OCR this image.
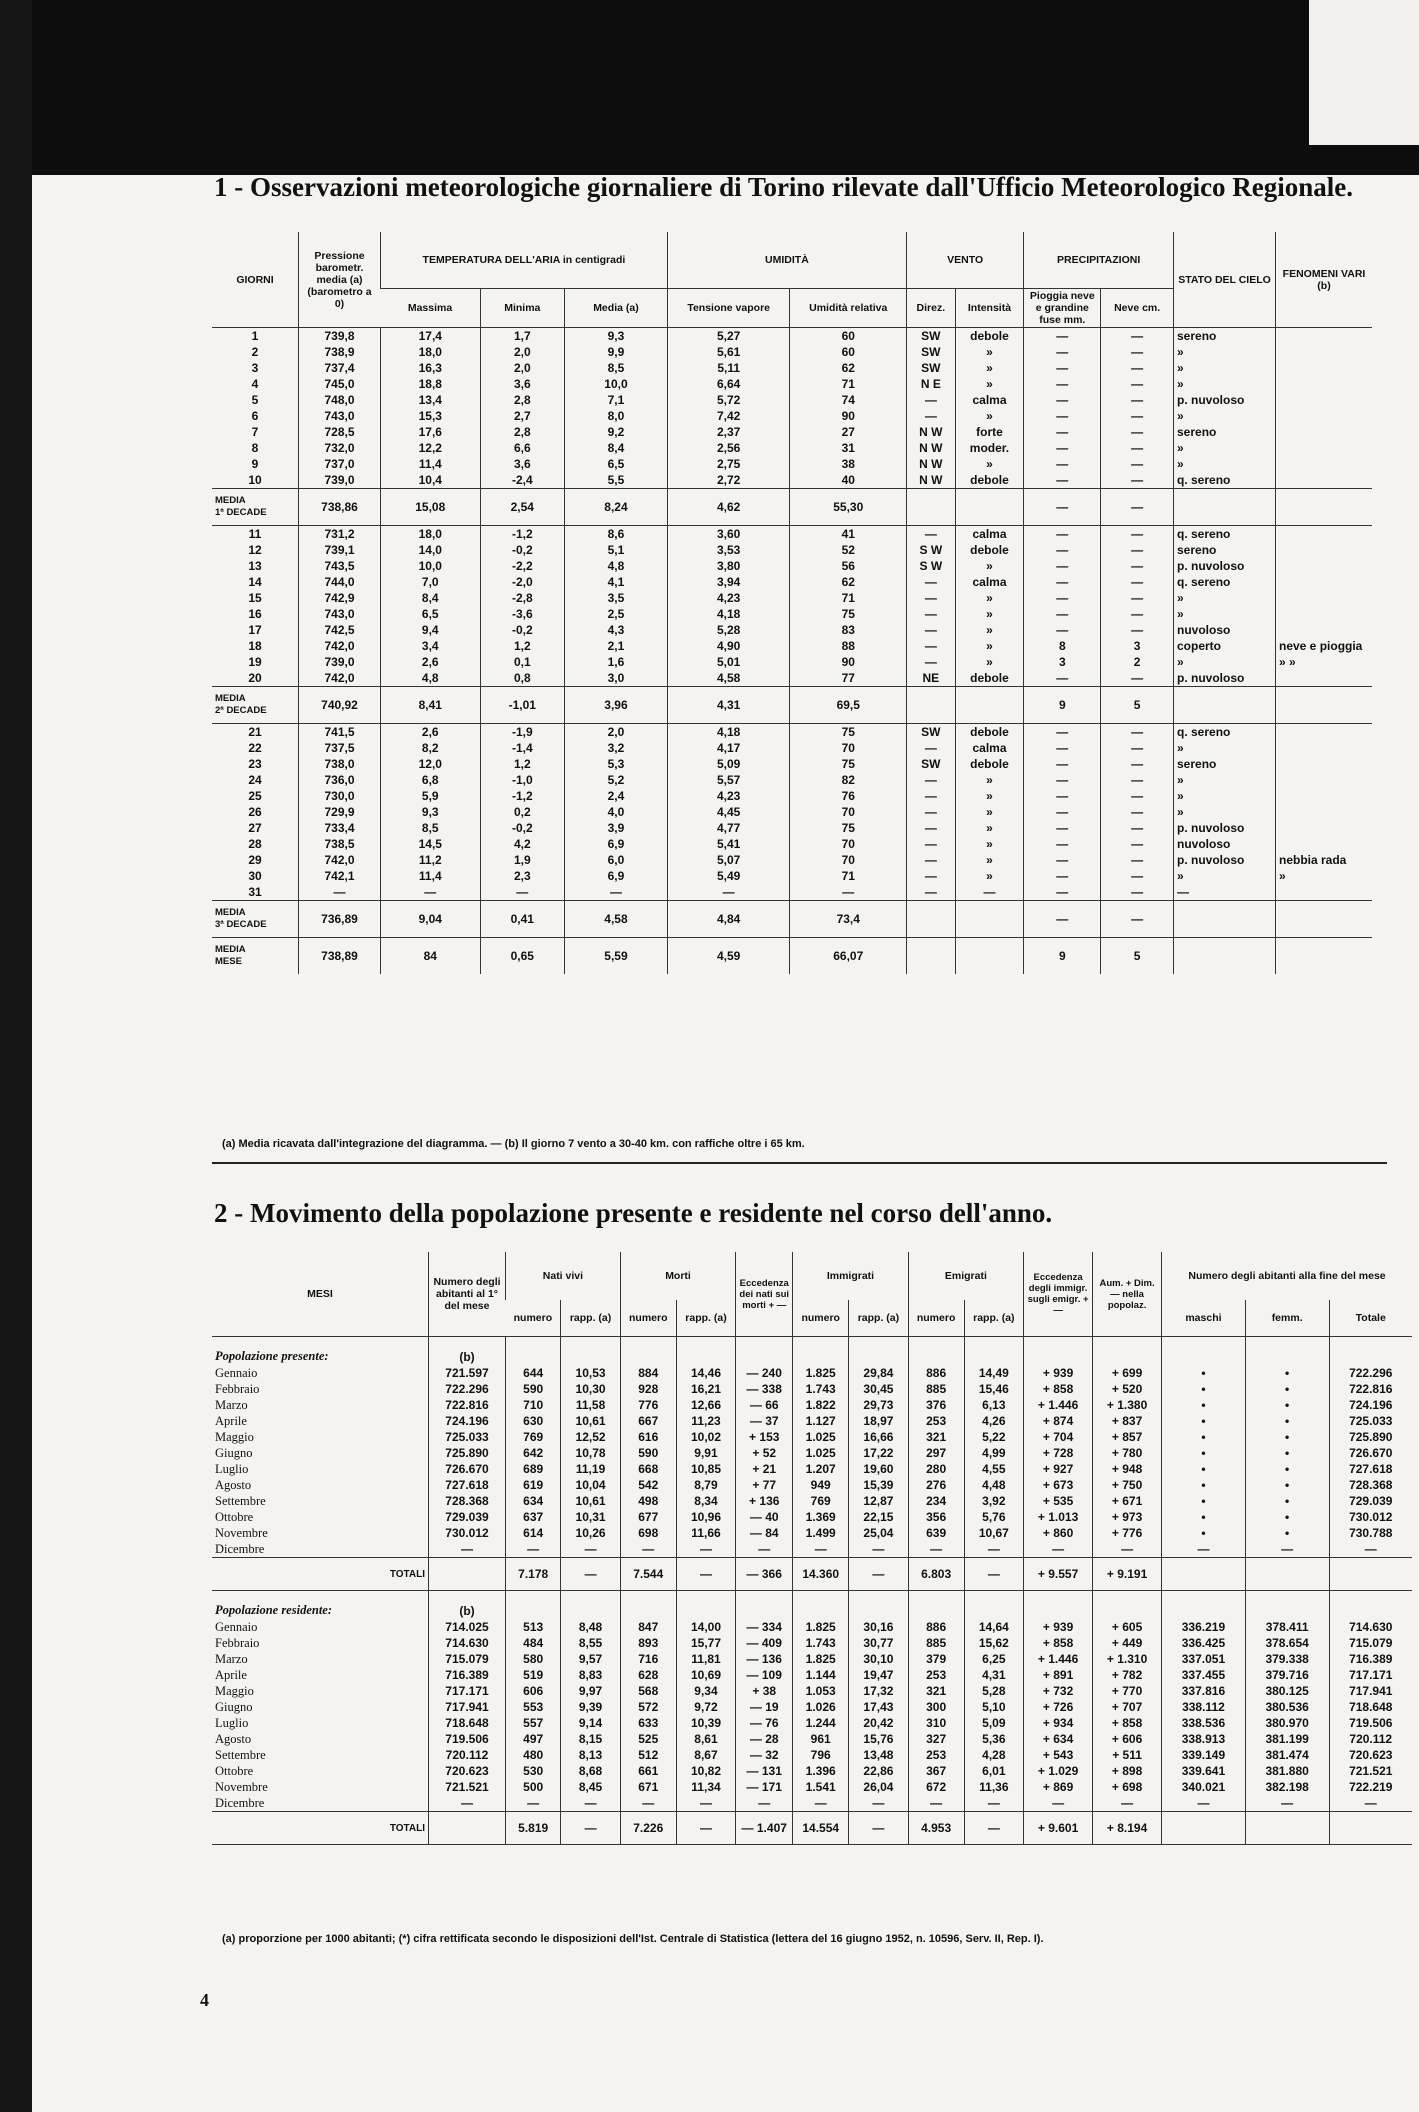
1 - Osservazioni meteorologiche giornaliere di Torino rilevate dall'Ufficio Meteorologico Regionale.
GIORNI	Pressione barometr. media (a) (barometro a 0)	TEMPERATURA DELL'ARIA in centigradi			UMIDITÀ		VENTO		PRECIPITAZIONI		STATO DEL CIELO	FENOMENI VARI (b)
		Massima	Minima	Media (a)	Tensione vapore	Umidità relativa	Direz.	Intensità	Pioggia neve e grandine fuse mm.	Neve cm.		
1	739,8	17,4	1,7	9,3	5,27	60	SW	debole	—	—	sereno	
2	738,9	18,0	2,0	9,9	5,61	60	SW	»	—	—	»	
3	737,4	16,3	2,0	8,5	5,11	62	SW	»	—	—	»	
4	745,0	18,8	3,6	10,0	6,64	71	N E	»	—	—	»	
5	748,0	13,4	2,8	7,1	5,72	74	—	calma	—	—	p. nuvoloso	
6	743,0	15,3	2,7	8,0	7,42	90	—	»	—	—	»	
7	728,5	17,6	2,8	9,2	2,37	27	N W	forte	—	—	sereno	
8	732,0	12,2	6,6	8,4	2,56	31	N W	moder.	—	—	»	
9	737,0	11,4	3,6	6,5	2,75	38	N W	»	—	—	»	
10	739,0	10,4	-2,4	5,5	2,72	40	N W	debole	—	—	q. sereno	

MEDIA
1ª DECADE	738,86	15,08	2,54	8,24	4,62	55,30			—	—		
11	731,2	18,0	-1,2	8,6	3,60	41	—	calma	—	—	q. sereno	
12	739,1	14,0	-0,2	5,1	3,53	52	S W	debole	—	—	sereno	
13	743,5	10,0	-2,2	4,8	3,80	56	S W	»	—	—	p. nuvoloso	
14	744,0	7,0	-2,0	4,1	3,94	62	—	calma	—	—	q. sereno	
15	742,9	8,4	-2,8	3,5	4,23	71	—	»	—	—	»	
16	743,0	6,5	-3,6	2,5	4,18	75	—	»	—	—	»	
17	742,5	9,4	-0,2	4,3	5,28	83	—	»	—	—	nuvoloso	
18	742,0	3,4	1,2	2,1	4,90	88	—	»	8	3	coperto	neve e pioggia
19	739,0	2,6	0,1	1,6	5,01	90	—	»	3	2	»	» »
20	742,0	4,8	0,8	3,0	4,58	77	NE	debole	—	—	p. nuvoloso	

MEDIA
2ª DECADE	740,92	8,41	-1,01	3,96	4,31	69,5			9	5		
21	741,5	2,6	-1,9	2,0	4,18	75	SW	debole	—	—	q. sereno	
22	737,5	8,2	-1,4	3,2	4,17	70	—	calma	—	—	»	
23	738,0	12,0	1,2	5,3	5,09	75	SW	debole	—	—	sereno	
24	736,0	6,8	-1,0	5,2	5,57	82	—	»	—	—	»	
25	730,0	5,9	-1,2	2,4	4,23	76	—	»	—	—	»	
26	729,9	9,3	0,2	4,0	4,45	70	—	»	—	—	»	
27	733,4	8,5	-0,2	3,9	4,77	75	—	»	—	—	p. nuvoloso	
28	738,5	14,5	4,2	6,9	5,41	70	—	»	—	—	nuvoloso	
29	742,0	11,2	1,9	6,0	5,07	70	—	»	—	—	p. nuvoloso	nebbia rada
30	742,1	11,4	2,3	6,9	5,49	71	—	»	—	—	»	»
31	—	—	—	—	—	—	—	—	—	—	—	

MEDIA
3ª DECADE	736,89	9,04	0,41	4,58	4,84	73,4			—	—		

MEDIA
MESE	738,89	84	0,65	5,59	4,59	66,07			9	5		
(a) Media ricavata dall'integrazione del diagramma. — (b) Il giorno 7 vento a 30-40 km. con raffiche oltre i 65 km.
2 - Movimento della popolazione presente e residente nel corso dell'anno.
MESI	Numero degli abitanti al 1° del mese	Nati vivi		Morti		Eccedenza dei nati sui morti + —	Immigrati		Emigrati		Eccedenza degli immigr. sugli emigr. + —	Aum. + Dim. — nella popolaz.	Numero degli abitanti alla fine del mese		
		numero	rapp. (a)	numero	rapp. (a)		numero	rapp. (a)	numero	rapp. (a)			maschi	femm.	Totale
Popolazione presente:	(b)														
Gennaio	721.597	644	10,53	884	14,46	— 240	1.825	29,84	886	14,49	+ 939	+ 699	•	•	722.296
Febbraio	722.296	590	10,30	928	16,21	— 338	1.743	30,45	885	15,46	+ 858	+ 520	•	•	722.816
Marzo	722.816	710	11,58	776	12,66	— 66	1.822	29,73	376	6,13	+ 1.446	+ 1.380	•	•	724.196
Aprile	724.196	630	10,61	667	11,23	— 37	1.127	18,97	253	4,26	+ 874	+ 837	•	•	725.033
Maggio	725.033	769	12,52	616	10,02	+ 153	1.025	16,66	321	5,22	+ 704	+ 857	•	•	725.890
Giugno	725.890	642	10,78	590	9,91	+ 52	1.025	17,22	297	4,99	+ 728	+ 780	•	•	726.670
Luglio	726.670	689	11,19	668	10,85	+ 21	1.207	19,60	280	4,55	+ 927	+ 948	•	•	727.618
Agosto	727.618	619	10,04	542	8,79	+ 77	949	15,39	276	4,48	+ 673	+ 750	•	•	728.368
Settembre	728.368	634	10,61	498	8,34	+ 136	769	12,87	234	3,92	+ 535	+ 671	•	•	729.039
Ottobre	729.039	637	10,31	677	10,96	— 40	1.369	22,15	356	5,76	+ 1.013	+ 973	•	•	730.012
Novembre	730.012	614	10,26	698	11,66	— 84	1.499	25,04	639	10,67	+ 860	+ 776	•	•	730.788
Dicembre	—	—	—	—	—	—	—	—	—	—	—	—	—	—	—
TOTALI		7.178	—	7.544	—	— 366	14.360	—	6.803	—	+ 9.557	+ 9.191			
Popolazione residente:	(b)														
Gennaio	714.025	513	8,48	847	14,00	— 334	1.825	30,16	886	14,64	+ 939	+ 605	336.219	378.411	714.630
Febbraio	714.630	484	8,55	893	15,77	— 409	1.743	30,77	885	15,62	+ 858	+ 449	336.425	378.654	715.079
Marzo	715.079	580	9,57	716	11,81	— 136	1.825	30,10	379	6,25	+ 1.446	+ 1.310	337.051	379.338	716.389
Aprile	716.389	519	8,83	628	10,69	— 109	1.144	19,47	253	4,31	+ 891	+ 782	337.455	379.716	717.171
Maggio	717.171	606	9,97	568	9,34	+ 38	1.053	17,32	321	5,28	+ 732	+ 770	337.816	380.125	717.941
Giugno	717.941	553	9,39	572	9,72	— 19	1.026	17,43	300	5,10	+ 726	+ 707	338.112	380.536	718.648
Luglio	718.648	557	9,14	633	10,39	— 76	1.244	20,42	310	5,09	+ 934	+ 858	338.536	380.970	719.506
Agosto	719.506	497	8,15	525	8,61	— 28	961	15,76	327	5,36	+ 634	+ 606	338.913	381.199	720.112
Settembre	720.112	480	8,13	512	8,67	— 32	796	13,48	253	4,28	+ 543	+ 511	339.149	381.474	720.623
Ottobre	720.623	530	8,68	661	10,82	— 131	1.396	22,86	367	6,01	+ 1.029	+ 898	339.641	381.880	721.521
Novembre	721.521	500	8,45	671	11,34	— 171	1.541	26,04	672	11,36	+ 869	+ 698	340.021	382.198	722.219
Dicembre	—	—	—	—	—	—	—	—	—	—	—	—	—	—	—
TOTALI		5.819	—	7.226	—	— 1.407	14.554	—	4.953	—	+ 9.601	+ 8.194			
(a) proporzione per 1000 abitanti; (*) cifra rettificata secondo le disposizioni dell'Ist. Centrale di Statistica (lettera del 16 giugno 1952, n. 10596, Serv. II, Rep. I).
4
